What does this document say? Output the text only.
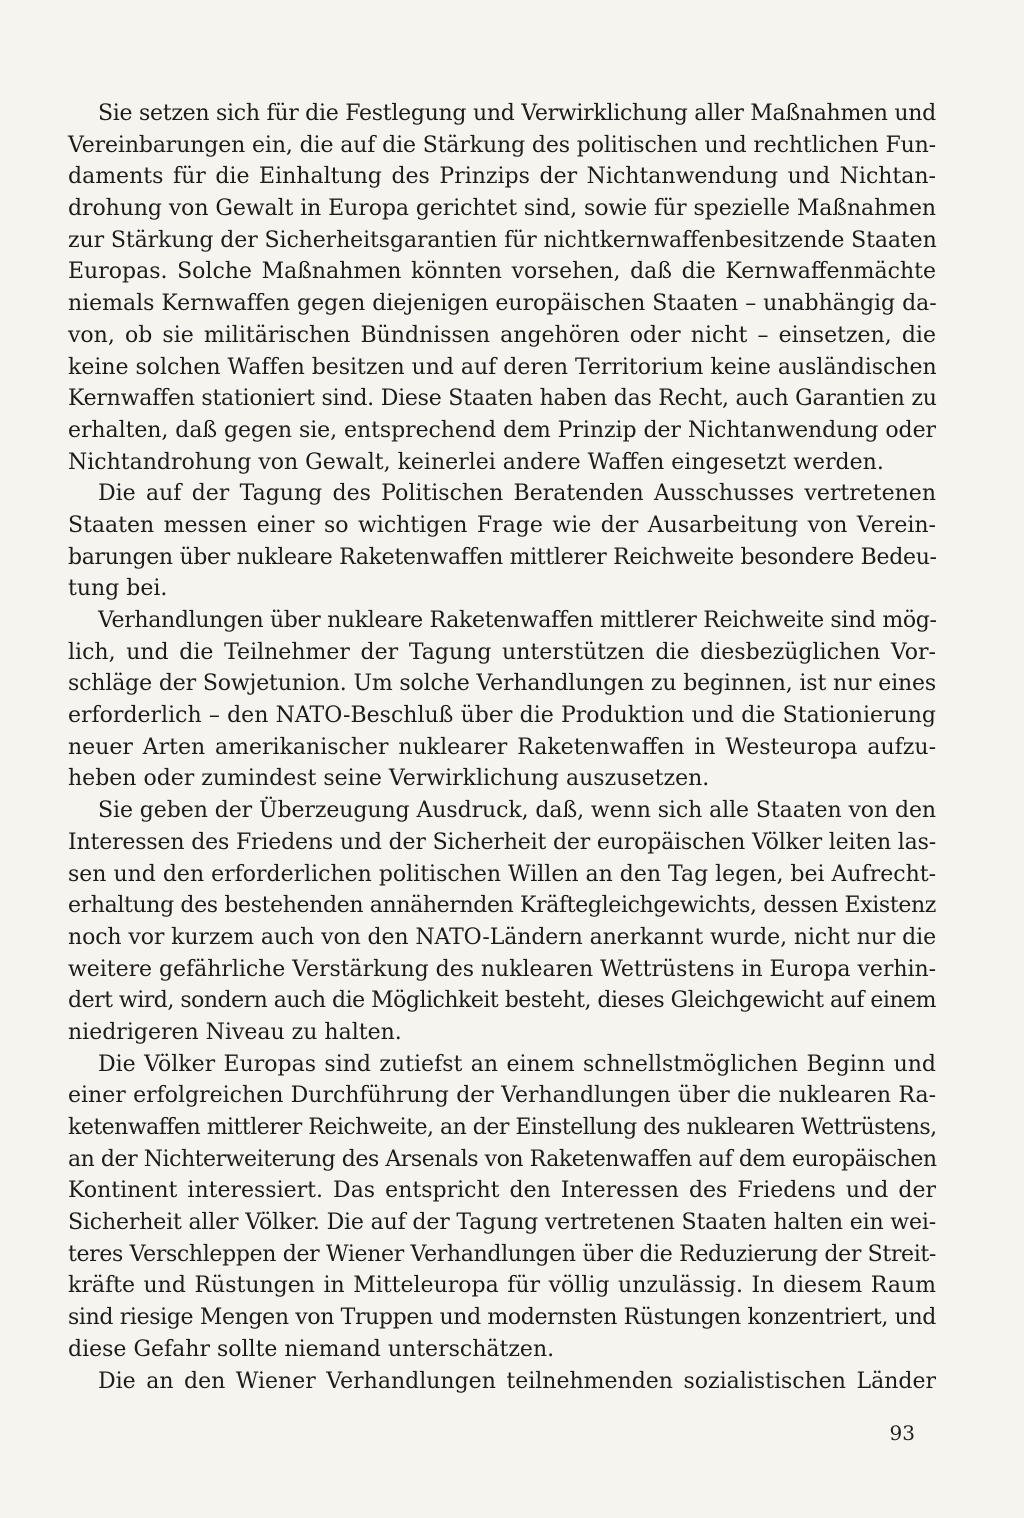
Sie setzen sich für die Festlegung und Verwirklichung aller Maßnahmen und
Vereinbarungen ein, die auf die Stärkung des politischen und rechtlichen Fun-
daments für die Einhaltung des Prinzips der Nichtanwendung und Nichtan-
drohung von Gewalt in Europa gerichtet sind, sowie für spezielle Maßnahmen
zur Stärkung der Sicherheitsgarantien für nichtkernwaffenbesitzende Staaten
Europas. Solche Maßnahmen könnten vorsehen, daß die Kernwaffenmächte
niemals Kernwaffen gegen diejenigen europäischen Staaten – unabhängig da-
von, ob sie militärischen Bündnissen angehören oder nicht – einsetzen, die
keine solchen Waffen besitzen und auf deren Territorium keine ausländischen
Kernwaffen stationiert sind. Diese Staaten haben das Recht, auch Garantien zu
erhalten, daß gegen sie, entsprechend dem Prinzip der Nichtanwendung oder
Nichtandrohung von Gewalt, keinerlei andere Waffen eingesetzt werden.
Die auf der Tagung des Politischen Beratenden Ausschusses vertretenen
Staaten messen einer so wichtigen Frage wie der Ausarbeitung von Verein-
barungen über nukleare Raketenwaffen mittlerer Reichweite besondere Bedeu-
tung bei.
Verhandlungen über nukleare Raketenwaffen mittlerer Reichweite sind mög-
lich, und die Teilnehmer der Tagung unterstützen die diesbezüglichen Vor-
schläge der Sowjetunion. Um solche Verhandlungen zu beginnen, ist nur eines
erforderlich – den NATO-Beschluß über die Produktion und die Stationierung
neuer Arten amerikanischer nuklearer Raketenwaffen in Westeuropa aufzu-
heben oder zumindest seine Verwirklichung auszusetzen.
Sie geben der Überzeugung Ausdruck, daß, wenn sich alle Staaten von den
Interessen des Friedens und der Sicherheit der europäischen Völker leiten las-
sen und den erforderlichen politischen Willen an den Tag legen, bei Aufrecht-
erhaltung des bestehenden annähernden Kräftegleichgewichts, dessen Existenz
noch vor kurzem auch von den NATO-Ländern anerkannt wurde, nicht nur die
weitere gefährliche Verstärkung des nuklearen Wettrüstens in Europa verhin-
dert wird, sondern auch die Möglichkeit besteht, dieses Gleichgewicht auf einem
niedrigeren Niveau zu halten.
Die Völker Europas sind zutiefst an einem schnellstmöglichen Beginn und
einer erfolgreichen Durchführung der Verhandlungen über die nuklearen Ra-
ketenwaffen mittlerer Reichweite, an der Einstellung des nuklearen Wettrüstens,
an der Nichterweiterung des Arsenals von Raketenwaffen auf dem europäischen
Kontinent interessiert. Das entspricht den Interessen des Friedens und der
Sicherheit aller Völker. Die auf der Tagung vertretenen Staaten halten ein wei-
teres Verschleppen der Wiener Verhandlungen über die Reduzierung der Streit-
kräfte und Rüstungen in Mitteleuropa für völlig unzulässig. In diesem Raum
sind riesige Mengen von Truppen und modernsten Rüstungen konzentriert, und
diese Gefahr sollte niemand unterschätzen.
Die an den Wiener Verhandlungen teilnehmenden sozialistischen Länder
93
